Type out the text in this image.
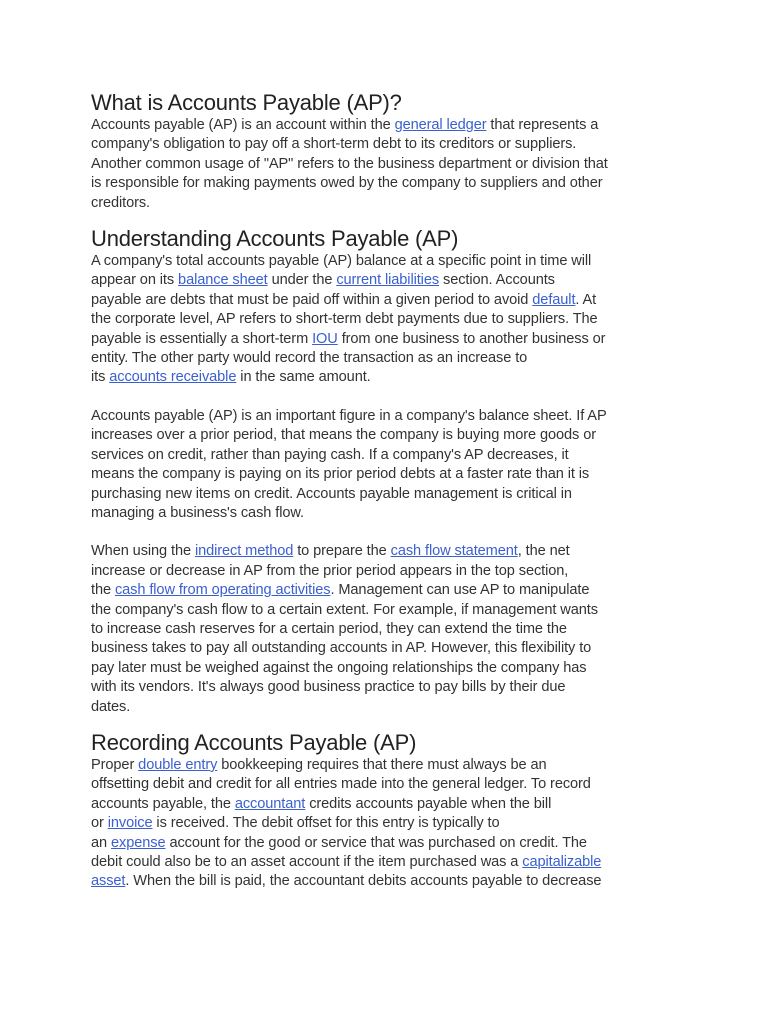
What is Accounts Payable (AP)?

Accounts payable (AP) is an account within the general ledger that represents a
company's obligation to pay off a short-term debt to its creditors or suppliers.
Another common usage of "AP" refers to the business department or division that
is responsible for making payments owed by the company to suppliers and other
creditors.

Understanding Accounts Payable (AP)

A company's total accounts payable (AP) balance at a specific point in time will
appear on its balance sheet under the current liabilities section. Accounts
payable are debts that must be paid off within a given period to avoid default. At
the corporate level, AP refers to short-term debt payments due to suppliers. The
payable is essentially a short-term IOU from one business to another business or
entity. The other party would record the transaction as an increase to
its accounts receivable in the same amount.

Accounts payable (AP) is an important figure in a company's balance sheet. If AP
increases over a prior period, that means the company is buying more goods or
services on credit, rather than paying cash. If a company's AP decreases, it
means the company is paying on its prior period debts at a faster rate than it is
purchasing new items on credit. Accounts payable management is critical in
managing a business's cash flow.

When using the indirect method to prepare the cash flow statement, the net
increase or decrease in AP from the prior period appears in the top section,
the cash flow from operating activities. Management can use AP to manipulate
the company's cash flow to a certain extent. For example, if management wants
to increase cash reserves for a certain period, they can extend the time the
business takes to pay all outstanding accounts in AP. However, this flexibility to
pay later must be weighed against the ongoing relationships the company has
with its vendors. It's always good business practice to pay bills by their due
dates.

Recording Accounts Payable (AP)

Proper double entry bookkeeping requires that there must always be an
offsetting debit and credit for all entries made into the general ledger. To record
accounts payable, the accountant credits accounts payable when the bill
or invoice is received. The debit offset for this entry is typically to
an expense account for the good or service that was purchased on credit. The
debit could also be to an asset account if the item purchased was a capitalizable
asset. When the bill is paid, the accountant debits accounts payable to decrease
